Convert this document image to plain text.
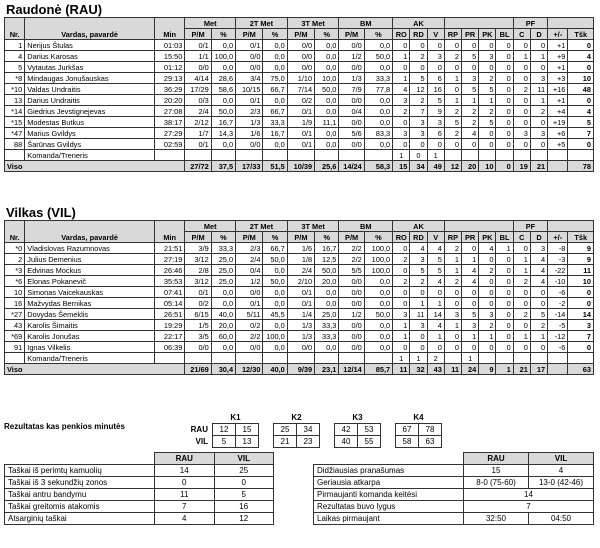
Raudonė (RAU)
Nr.	Vardas, pavardė	Min	Met		2T Met		3T Met		BM		AK							PF			
			P/M	%	P/M	%	P/M	%	P/M	%	RO	RD	V	RP	PR	PK	BL	C	D	+/-	Tšk
1	Nerijus Štulas	01:03	0/1	0,0	0/1	0,0	0/0	0,0	0/0	0,0	0	0	0	0	0	0	0	0	0	+1	0
4	Darius Karosas	15:50	1/1	100,0	0/0	0,0	0/0	0,0	1/2	50,0	1	2	3	2	5	3	0	1	1	+9	4
5	Vytautas Jurkšas	01:12	0/0	0,0	0/0	0,0	0/0	0,0	0/0	0,0	0	0	0	0	0	0	0	0	0	+1	0
*8	Mindaugas Jonušauskas	29:13	4/14	28,6	3/4	75,0	1/10	10,0	1/3	33,3	1	5	6	1	3	2	0	0	3	+3	10
*10	Valdas Undraitis	36:29	17/29	58,6	10/15	66,7	7/14	50,0	7/9	77,8	4	12	16	0	5	5	0	2	11	+16	48
13	Darius Undraitis	20:20	0/3	0,0	0/1	0,0	0/2	0,0	0/0	0,0	3	2	5	1	1	1	0	0	1	+1	0
*14	Giedrius Jevstignejevas	27:08	2/4	50,0	2/3	66,7	0/1	0,0	0/4	0,0	2	7	9	2	2	2	0	0	2	+4	4
*15	Modestas Butkus	38:17	2/12	16,7	1/3	33,3	1/9	11,1	0/0	0,0	0	3	3	5	2	5	0	0	0	+19	5
*47	Marius Gvildys	27:29	1/7	14,3	1/6	16,7	0/1	0,0	5/6	83,3	3	3	6	2	4	0	0	3	3	+6	7
88	Šarūnas Gvildys	02:59	0/1	0,0	0/0	0,0	0/1	0,0	0/0	0,0	0	0	0	0	0	0	0	0	0	+5	0
	Komanda/Treneris										1	0	1								
Viso			27/72	37,5	17/33	51,5	10/39	25,6	14/24	58,3	15	34	49	12	20	10	0	19	21		78
Vilkas (VIL)
Nr.	Vardas, pavardė	Min	Met		2T Met		3T Met		BM		AK							PF			
			P/M	%	P/M	%	P/M	%	P/M	%	RO	RD	V	RP	PR	PK	BL	C	D	+/-	Tšk
*0	Vladislovas Razumnovas	21:51	3/9	33,3	2/3	66,7	1/6	16,7	2/2	100,0	0	4	4	2	0	4	1	0	3	-8	9
2	Julius Demenius	27:19	3/12	25,0	2/4	50,0	1/8	12,5	2/2	100,0	2	3	5	1	1	0	0	1	4	-3	9
*3	Edvinas Mockus	26:46	2/8	25,0	0/4	0,0	2/4	50,0	5/5	100,0	0	5	5	1	4	2	0	1	4	-22	11
*6	Elonas Pokanevič	35:53	3/12	25,0	1/2	50,0	2/10	20,0	0/0	0,0	2	2	4	2	4	0	0	2	4	-10	10
10	Simonas Vaicekauskas	07:41	0/1	0,0	0/0	0,0	0/1	0,0	0/0	0,0	0	0	0	0	0	0	0	0	0	-6	0
16	Mažvydas Bernikas	05:14	0/2	0,0	0/1	0,0	0/1	0,0	0/0	0,0	0	1	1	0	0	0	0	0	0	-2	0
*27	Dovydas Šemeklis	26:51	6/15	40,0	5/11	45,5	1/4	25,0	1/2	50,0	3	11	14	3	5	3	0	2	5	-14	14
43	Karolis Šimaitis	19:29	1/5	20,0	0/2	0,0	1/3	33,3	0/0	0,0	1	3	4	1	3	2	0	0	2	-5	3
*69	Karolis Jonušas	22:17	3/5	60,0	2/2	100,0	1/3	33,3	0/0	0,0	1	0	1	0	1	1	0	1	1	-12	7
91	Ignas Vilkelis	06:39	0/0	0,0	0/0	0,0	0/0	0,0	0/0	0,0	0	0	0	0	0	0	0	0	0	-6	0
	Komanda/Treneris										1	1	2		1						
Viso			21/69	30,4	12/30	40,0	9/39	23,1	12/14	85,7	11	32	43	11	24	9	1	21	17		63
Rezultatas kas penkios minutės
	K1			K2			K3			K4		
RAU	12	15		25	34		42	53		67	78	
VIL	5	13		21	23		40	55		58	63	
	RAU	VIL
Taškai iš perimtų kamuolių	14	25
Taškai iš 3 sekundžių zonos	0	0
Taškai antru bandymu	11	5
Taškai greitomis atakomis	7	16
Atsarginių taškai	4	12
	RAU	VIL
Didžiausias pranašumas	15	4
Geriausia atkarpa	8-0 (75-60)	13-0 (42-46)
Pirmaujanti komanda keitėsi	14	
Rezultatas buvo lygus	7	
Laikas pirmaujant	32:50	04:50
